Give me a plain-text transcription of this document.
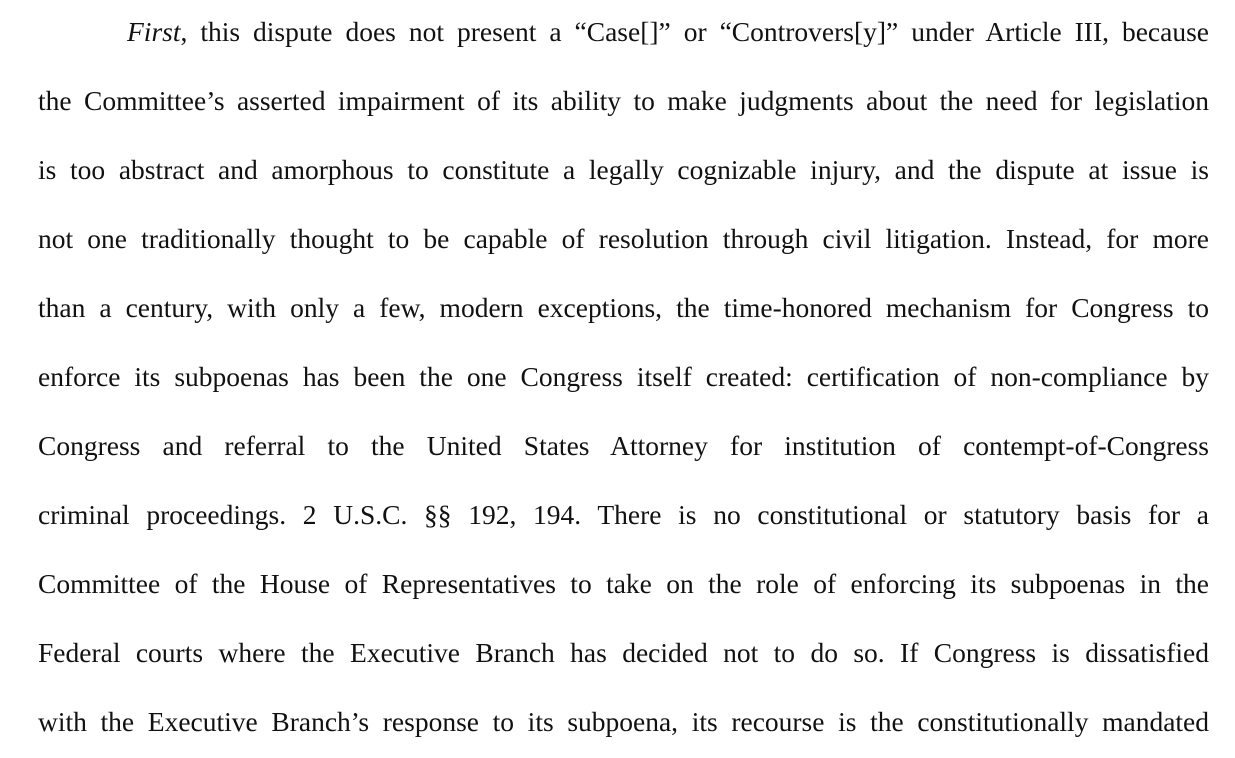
First, this dispute does not present a “Case[]” or “Controvers[y]” under Article III, because
the Committee’s asserted impairment of its ability to make judgments about the need for legislation
is too abstract and amorphous to constitute a legally cognizable injury, and the dispute at issue is
not one traditionally thought to be capable of resolution through civil litigation. Instead, for more
than a century, with only a few, modern exceptions, the time-honored mechanism for Congress to
enforce its subpoenas has been the one Congress itself created: certification of non-compliance by
Congress and referral to the United States Attorney for institution of contempt-of-Congress
criminal proceedings. 2 U.S.C. §§ 192, 194. There is no constitutional or statutory basis for a
Committee of the House of Representatives to take on the role of enforcing its subpoenas in the
Federal courts where the Executive Branch has decided not to do so. If Congress is dissatisfied
with the Executive Branch’s response to its subpoena, its recourse is the constitutionally mandated
